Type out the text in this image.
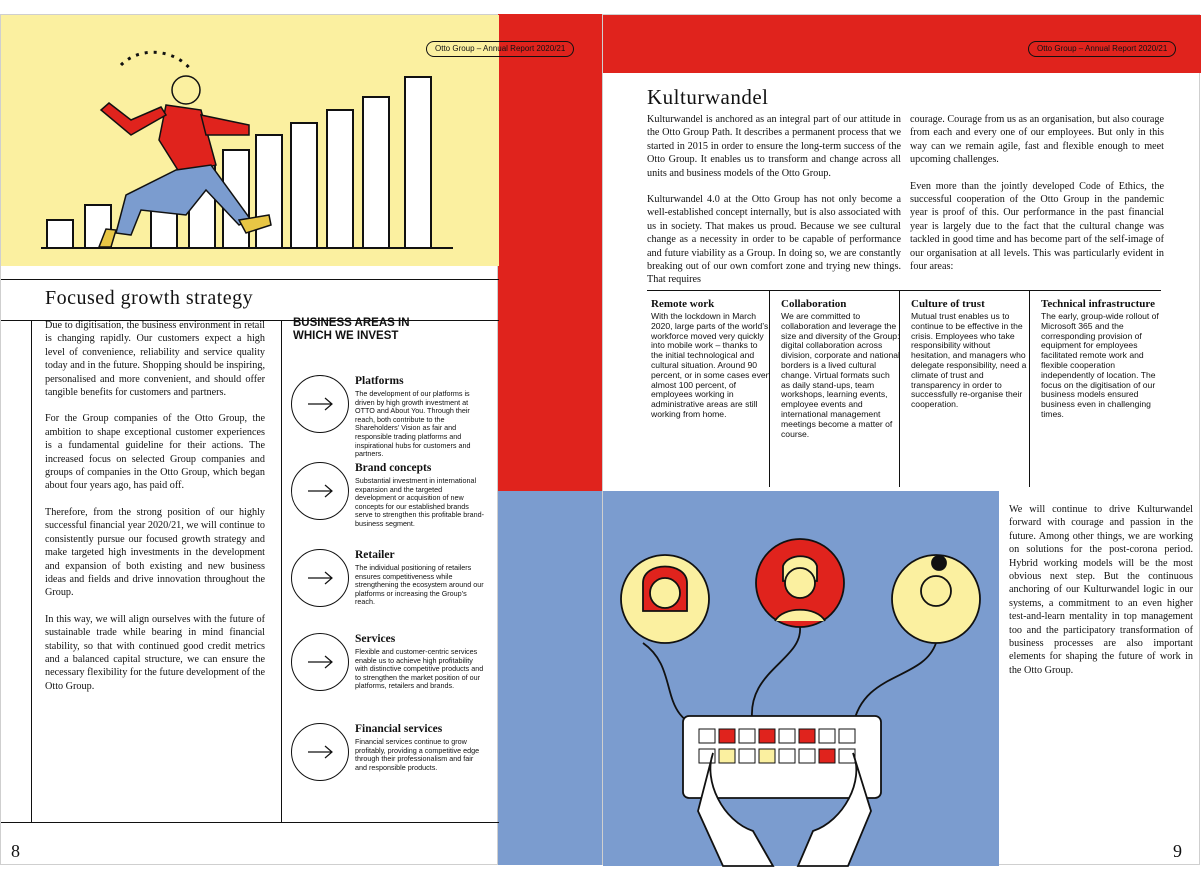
Otto Group – Annual Report 2020/21
Focused growth strategy

Due to digitisation, the business environment in retail is changing rapidly. Our customers expect a high level of convenience, reliability and service quality today and in the future. Shopping should be inspiring, personalised and more convenient, and should offer tangible benefits for customers and partners.

For the Group companies of the Otto Group, the ambition to shape exceptional customer experiences is a fundamental guideline for their actions. The increased focus on selected Group companies and groups of companies in the Otto Group, which began about four years ago, has paid off.

Therefore, from the strong position of our highly successful financial year 2020/21, we will continue to consistently pursue our focused growth strategy and make targeted high investments in the development and expansion of both existing and new business ideas and fields and drive innovation throughout the Group.

In this way, we will align ourselves with the future of sustainable trade while bearing in mind financial stability, so that with continued good credit metrics and a balanced capital structure, we can ensure the necessary flexibility for the future development of the Otto Group.

BUSINESS AREAS IN WHICH WE INVEST
Platforms
The development of our platforms is driven by high growth investment at OTTO and About You. Through their reach, both contribute to the Shareholders’ Vision as fair and responsible trading platforms and inspirational hubs for customers and partners.
Brand concepts
Substantial investment in international expansion and the targeted development or acquisition of new concepts for our established brands serve to strengthen this profitable brand-business segment.
Retailer
The individual positioning of retailers ensures competitiveness while strengthening the ecosystem around our platforms or increasing the Group’s reach.
Services
Flexible and customer-centric services enable us to achieve high profitability with distinctive competitive products and to strengthen the market position of our platforms, retailers and brands.
Financial services
Financial services continue to grow profitably, providing a competitive edge through their professionalism and fair and responsible products.
8
Otto Group – Annual Report 2020/21
Kulturwandel

Kulturwandel is anchored as an integral part of our attitude in the Otto Group Path. It describes a permanent process that we started in 2015 in order to ensure the long-term success of the Otto Group. It enables us to transform and change across all units and business models of the Otto Group.

Kulturwandel 4.0 at the Otto Group has not only become a well-established concept internally, but is also associated with us in society. That makes us proud. Because we see cultural change as a necessity in order to be capable of performance and future viability as a Group. In doing so, we are constantly breaking out of our own comfort zone and trying new things. That requires

courage. Courage from us as an organisation, but also courage from each and every one of our employees. But only in this way can we remain agile, fast and flexible enough to meet upcoming challenges.

Even more than the jointly developed Code of Ethics, the successful cooperation of the Otto Group in the pandemic year is proof of this. Our performance in the past financial year is largely due to the fact that the cultural change was tackled in good time and has become part of the self-image of our organisation at all levels. This was particularly evident in four areas:

Remote work
With the lockdown in March 2020, large parts of the world’s workforce moved very quickly into mobile work – thanks to the initial technological and cultural situation. Around 90 percent, or in some cases even almost 100 percent, of employees working in administrative areas are still working from home.
Collaboration
We are committed to collaboration and leverage the size and diversity of the Group: digital collaboration across division, corporate and national borders is a lived cultural change. Virtual formats such as daily stand-ups, team workshops, learning events, employee events and international management meetings become a matter of course.
Culture of trust
Mutual trust enables us to continue to be effective in the crisis. Employees who take responsibility without hesitation, and managers who delegate responsibility, need a climate of trust and transparency in order to successfully re-organise their cooperation.
Technical infrastructure
The early, group-wide rollout of Microsoft 365 and the corresponding provision of equipment for employees facilitated remote work and flexible cooperation independently of location. The focus on the digitisation of our business models ensured business even in challenging times.

We will continue to drive Kulturwandel forward with courage and passion in the future. Among other things, we are working on solutions for the post-corona period. Hybrid working models will be the most obvious next step. But the continuous anchoring of our Kulturwandel logic in our systems, a commitment to an even higher test-and-learn mentality in top management too and the participatory transformation of business processes are also important elements for shaping the future of work in the Otto Group.

9
